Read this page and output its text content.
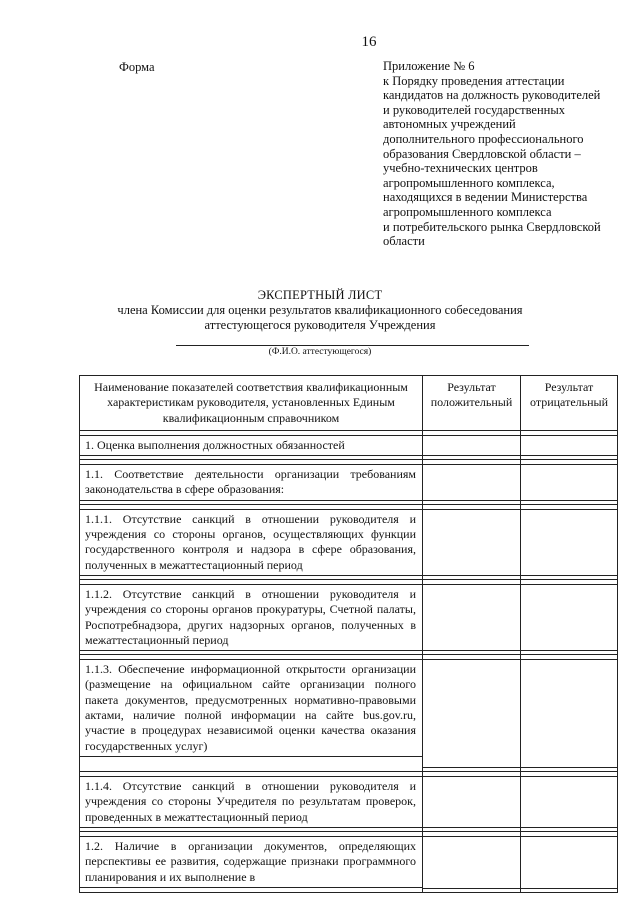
16
Форма	Приложение № 6
к Порядку проведения аттестации
кандидатов на должность руководителей
и руководителей государственных
автономных учреждений
дополнительного профессионального
образования Свердловской области –
учебно-технических центров
агропромышленного комплекса,
находящихся в ведении Министерства
агропромышленного комплекса
и потребительского рынка Свердловской
области
ЭКСПЕРТНЫЙ ЛИСТ
члена Комиссии для оценки результатов квалификационного собеседования
аттестующегося руководителя Учреждения
(Ф.И.О. аттестующегося)
Наименование показателей соответствия квалификационным характеристикам руководителя, установленных Единым квалификационным справочником	Результат положительный	Результат отрицательный

1. Оценка выполнения должностных обязанностей		

1.1. Соответствие деятельности организации требованиям законодательства в сфере образования:		

1.1.1. Отсутствие санкций в отношении руководителя и учреждения со стороны органов, осуществляющих функции государственного контроля и надзора в сфере образования, полученных в межаттестационный период		

1.1.2. Отсутствие санкций в отношении руководителя и учреждения со стороны органов прокуратуры, Счетной палаты, Роспотребнадзора, других надзорных органов, полученных в межаттестационный период		

1.1.3. Обеспечение информационной открытости организации (размещение на официальном сайте организации полного пакета документов, предусмотренных нормативно-правовыми актами, наличие полной информации на сайте bus.gov.ru, участие в процедурах независимой оценки качества оказания государственных услуг)		

1.1.4. Отсутствие санкций в отношении руководителя и учреждения со стороны Учредителя по результатам проверок, проведенных в межаттестационный период		

1.2. Наличие в организации документов, определяющих перспективы ее развития, содержащие признаки программного планирования и их выполнение в		
